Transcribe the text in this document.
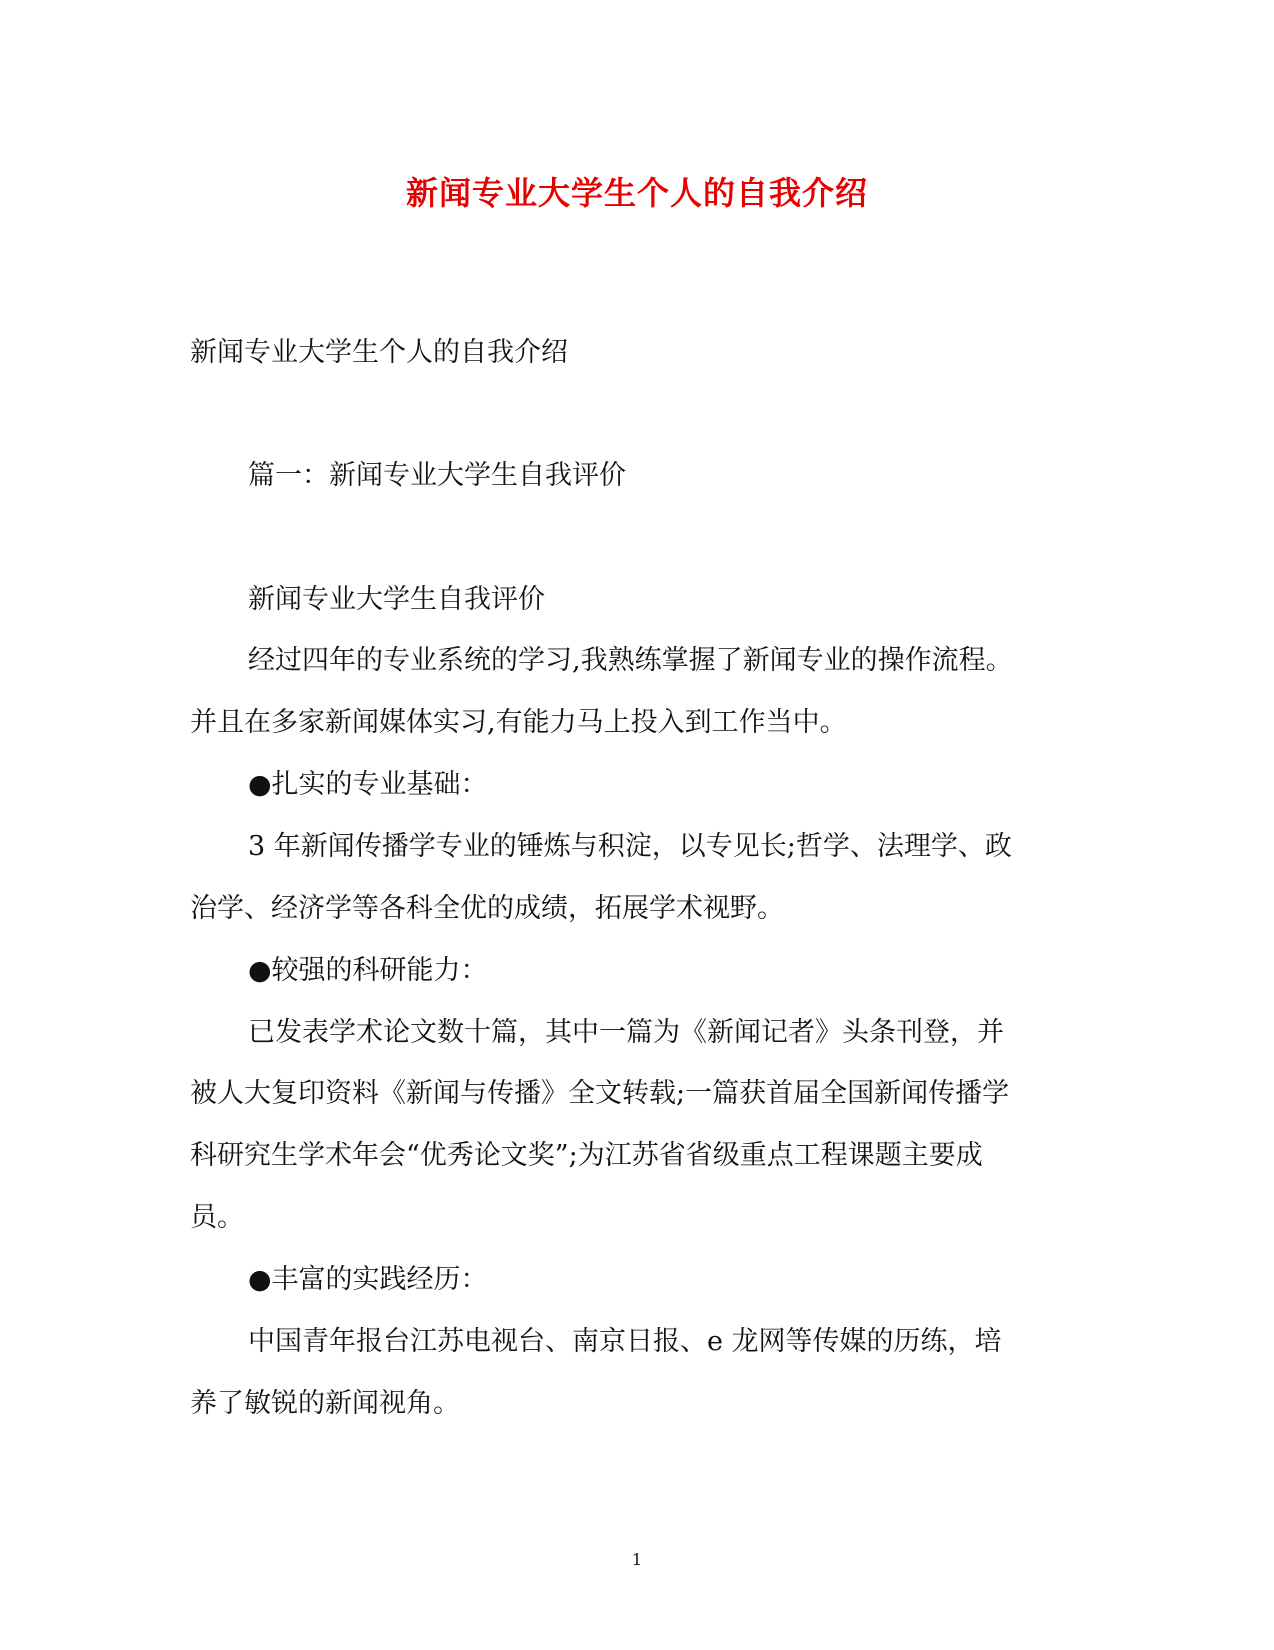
新闻专业大学生个人的自我介绍

新闻专业大学生个人的自我介绍

篇一：新闻专业大学生自我评价

新闻专业大学生自我评价

经过四年的专业系统的学习,我熟练掌握了新闻专业的操作流程。

并且在多家新闻媒体实习,有能力马上投入到工作当中。

●扎实的专业基础：

3 年新闻传播学专业的锤炼与积淀，以专见长;哲学、法理学、政

治学、经济学等各科全优的成绩，拓展学术视野。

●较强的科研能力：

已发表学术论文数十篇，其中一篇为《新闻记者》头条刊登，并

被人大复印资料《新闻与传播》全文转载;一篇获首届全国新闻传播学

科研究生学术年会“优秀论文奖”;为江苏省省级重点工程课题主要成

员。

●丰富的实践经历：

中国青年报台江苏电视台、南京日报、e 龙网等传媒的历练，培

养了敏锐的新闻视角。

1
